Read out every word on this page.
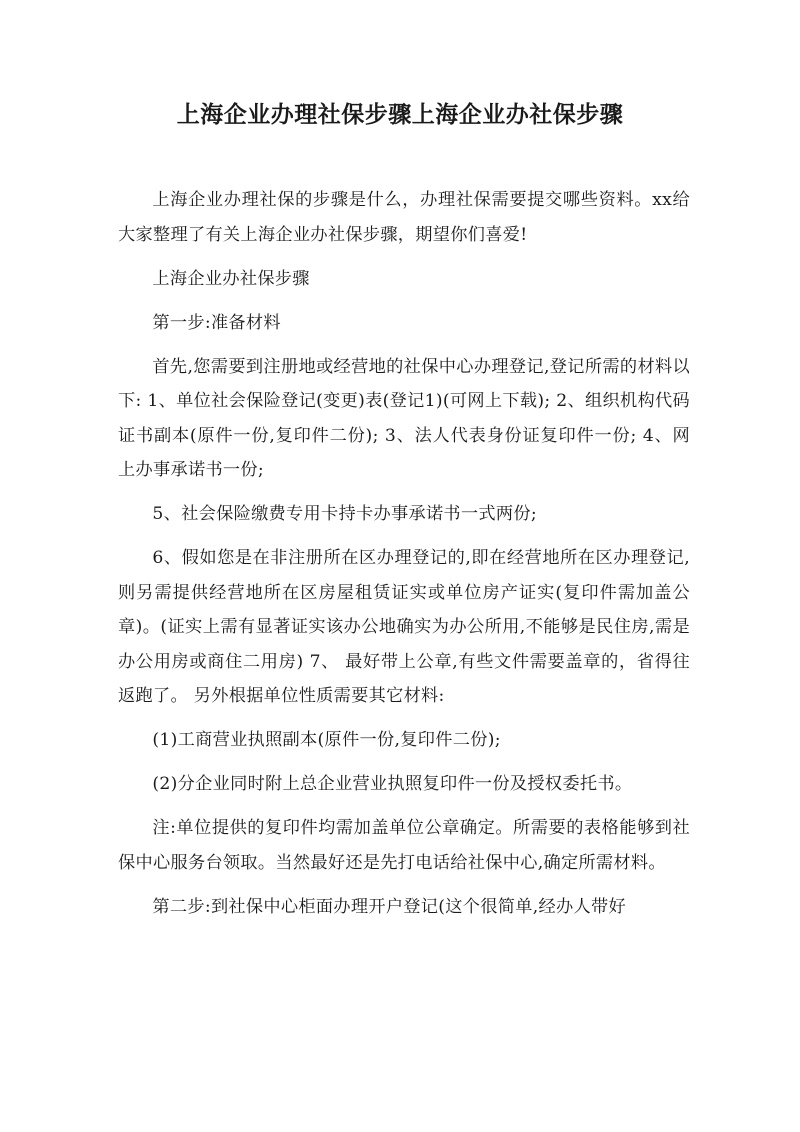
上海企业办理社保步骤上海企业办社保步骤

上海企业办理社保的步骤是什么，办理社保需要提交哪些资料。xx给大家整理了有关上海企业办社保步骤，期望你们喜爱!

上海企业办社保步骤

第一步:准备材料

首先,您需要到注册地或经营地的社保中心办理登记,登记所需的材料以下: 1、单位社会保险登记(变更)表(登记1)(可网上下载); 2、组织机构代码证书副本(原件一份,复印件二份); 3、法人代表身份证复印件一份; 4、网上办事承诺书一份;

5、社会保险缴费专用卡持卡办事承诺书一式两份;

6、假如您是在非注册所在区办理登记的,即在经营地所在区办理登记,则另需提供经营地所在区房屋租赁证实或单位房产证实(复印件需加盖公章)。(证实上需有显著证实该办公地确实为办公所用,不能够是民住房,需是办公用房或商住二用房) 7、 最好带上公章,有些文件需要盖章的，省得往返跑了。 另外根据单位性质需要其它材料:

(1)工商营业执照副本(原件一份,复印件二份);

(2)分企业同时附上总企业营业执照复印件一份及授权委托书。

注:单位提供的复印件均需加盖单位公章确定。所需要的表格能够到社保中心服务台领取。当然最好还是先打电话给社保中心,确定所需材料。

第二步:到社保中心柜面办理开户登记(这个很简单,经办人带好
